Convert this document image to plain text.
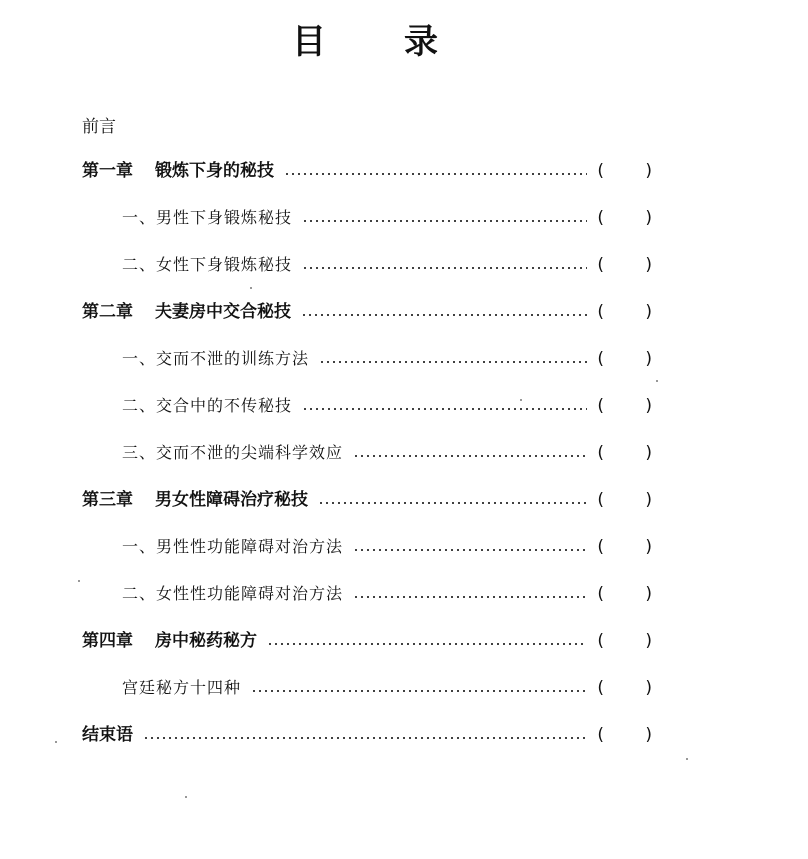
目 录
前言
第一章 锻炼下身的秘技	( )
一、男性下身锻炼秘技	( )
二、女性下身锻炼秘技	( )
第二章 夫妻房中交合秘技	( )
一、交而不泄的训练方法	( )
二、交合中的不传秘技	( )
三、交而不泄的尖端科学效应	( )
第三章 男女性障碍治疗秘技	( )
一、男性性功能障碍对治方法	( )
二、女性性功能障碍对治方法	( )
第四章 房中秘药秘方	( )
宫廷秘方十四种	( )
结束语	( )
